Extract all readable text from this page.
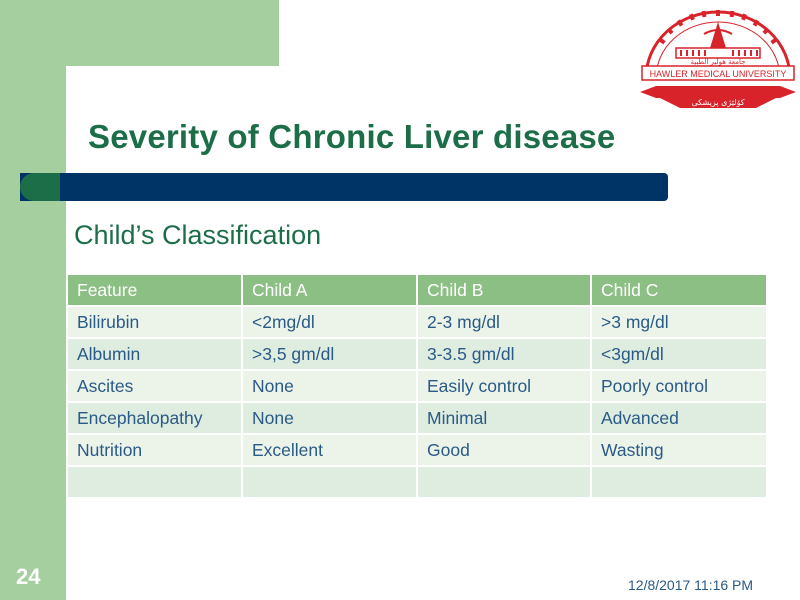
HAWLER MEDICAL UNIVERSITY
جامعة هولير الطبية
کۆلێژی پزیشکی
Severity of Chronic Liver disease
Child’s Classification
Feature	Child A	Child B	Child C
Bilirubin	<2mg/dl	2-3 mg/dl	>3 mg/dl
Albumin	>3,5 gm/dl	3-3.5 gm/dl	<3gm/dl
Ascites	None	Easily control	Poorly control
Encephalopathy	None	Minimal	Advanced
Nutrition	Excellent	Good	Wasting

24	12/8/2017 11:16 PM
